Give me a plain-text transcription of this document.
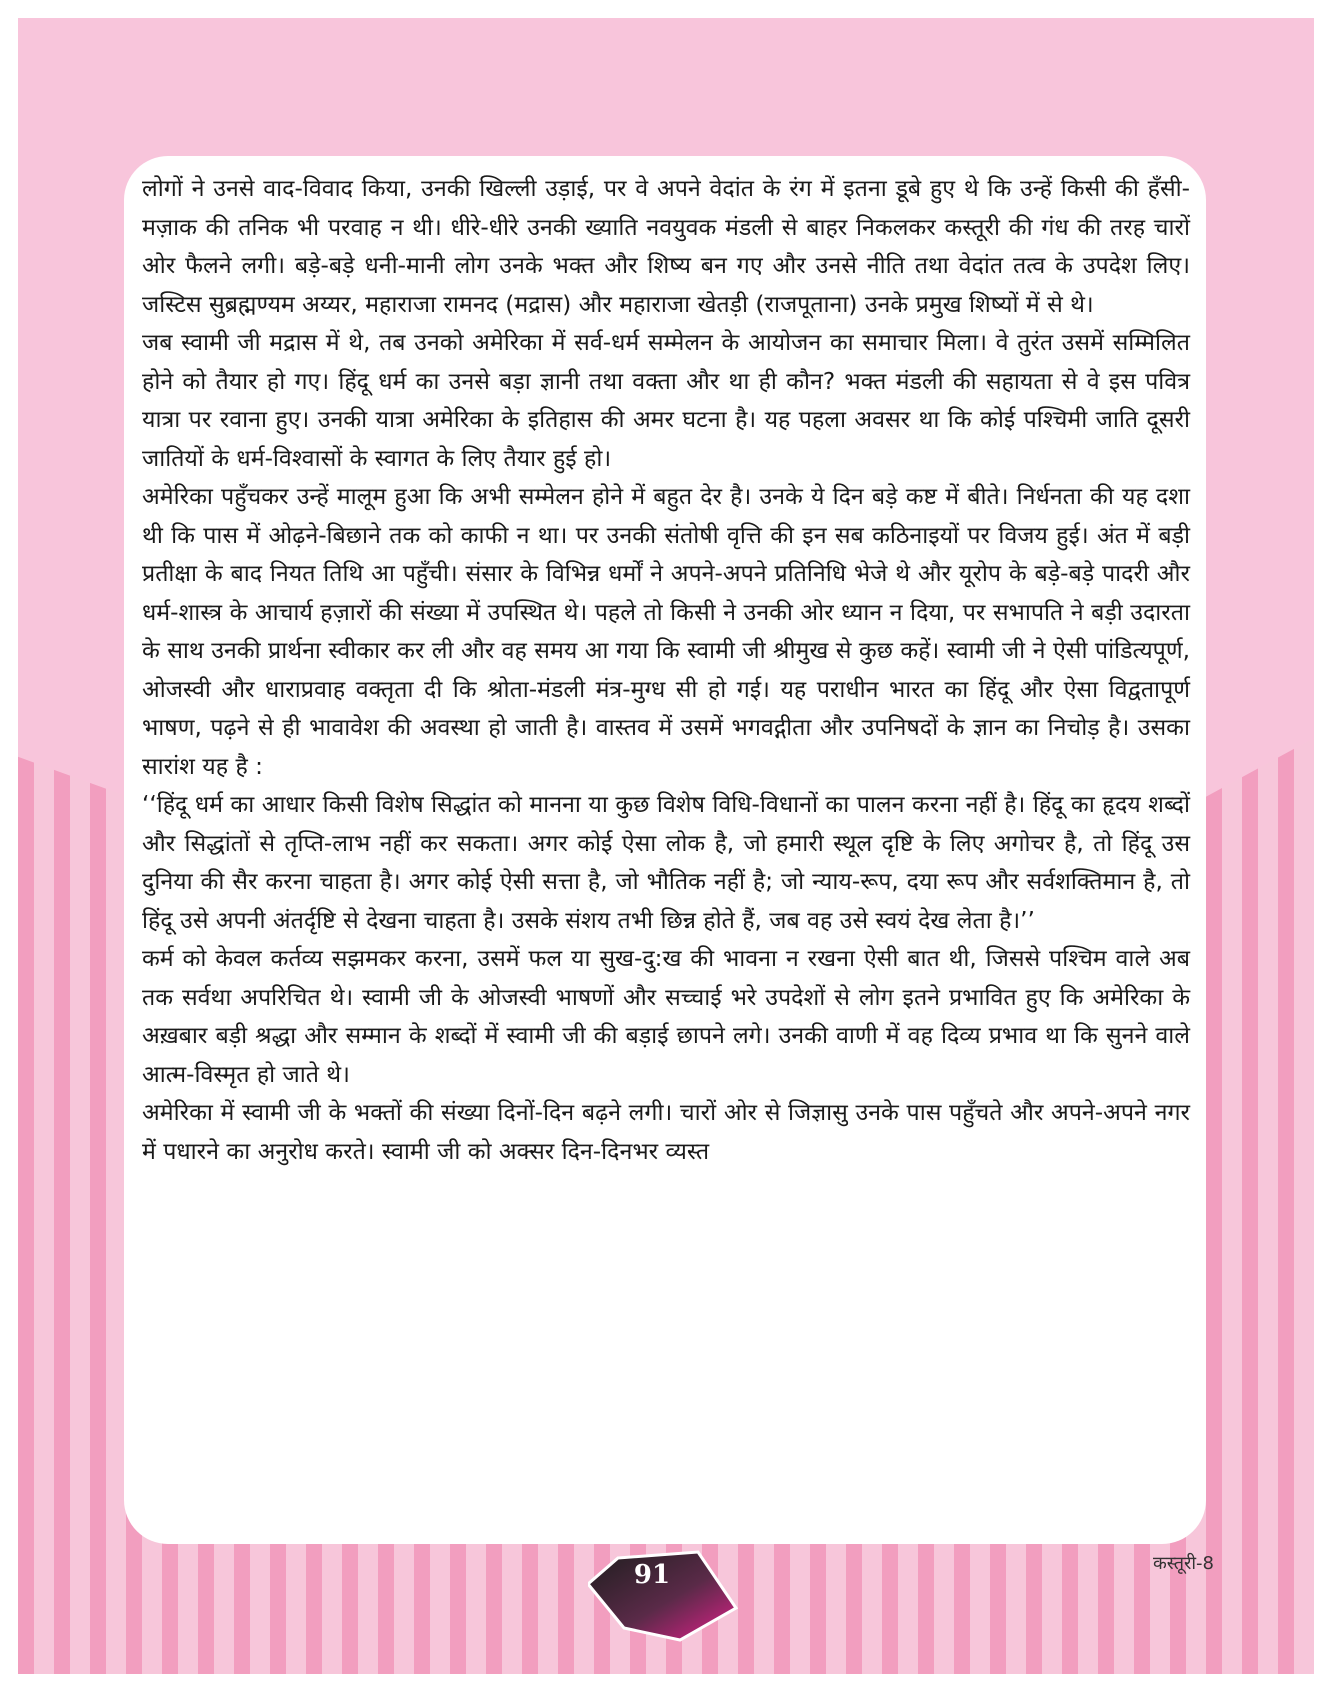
लोगों ने उनसे वाद-विवाद किया, उनकी खिल्ली उड़ाई, पर वे अपने वेदांत के रंग में इतना डूबे हुए थे कि उन्हें किसी की हँसी-मज़ाक की तनिक भी परवाह न थी। धीरे-धीरे उनकी ख्याति नवयुवक मंडली से बाहर निकलकर कस्तूरी की गंध की तरह चारों ओर फैलने लगी। बड़े-बड़े धनी-मानी लोग उनके भक्त और शिष्य बन गए और उनसे नीति तथा वेदांत तत्व के उपदेश लिए। जस्टिस सुब्रह्मण्यम अय्यर, महाराजा रामनद (मद्रास) और महाराजा खेतड़ी (राजपूताना) उनके प्रमुख शिष्यों में से थे।

जब स्वामी जी मद्रास में थे, तब उनको अमेरिका में सर्व-धर्म सम्मेलन के आयोजन का समाचार मिला। वे तुरंत उसमें सम्मिलित होने को तैयार हो गए। हिंदू धर्म का उनसे बड़ा ज्ञानी तथा वक्ता और था ही कौन? भक्त मंडली की सहायता से वे इस पवित्र यात्रा पर रवाना हुए। उनकी यात्रा अमेरिका के इतिहास की अमर घटना है। यह पहला अवसर था कि कोई पश्चिमी जाति दूसरी जातियों के धर्म-विश्वासों के स्वागत के लिए तैयार हुई हो।

अमेरिका पहुँचकर उन्हें मालूम हुआ कि अभी सम्मेलन होने में बहुत देर है। उनके ये दिन बड़े कष्ट में बीते। निर्धनता की यह दशा थी कि पास में ओढ़ने-बिछाने तक को काफी न था। पर उनकी संतोषी वृत्ति की इन सब कठिनाइयों पर विजय हुई। अंत में बड़ी प्रतीक्षा के बाद नियत तिथि आ पहुँची। संसार के विभिन्न धर्मों ने अपने-अपने प्रतिनिधि भेजे थे और यूरोप के बड़े-बड़े पादरी और धर्म-शास्त्र के आचार्य हज़ारों की संख्या में उपस्थित थे। पहले तो किसी ने उनकी ओर ध्यान न दिया, पर सभापति ने बड़ी उदारता के साथ उनकी प्रार्थना स्वीकार कर ली और वह समय आ गया कि स्वामी जी श्रीमुख से कुछ कहें। स्वामी जी ने ऐसी पांडित्यपूर्ण, ओजस्वी और धाराप्रवाह वक्तृता दी कि श्रोता-मंडली मंत्र-मुग्ध सी हो गई। यह पराधीन भारत का हिंदू और ऐसा विद्वतापूर्ण भाषण, पढ़ने से ही भावावेश की अवस्था हो जाती है। वास्तव में उसमें भगवद्गीता और उपनिषदों के ज्ञान का निचोड़ है। उसका सारांश यह है :

‘‘हिंदू धर्म का आधार किसी विशेष सिद्धांत को मानना या कुछ विशेष विधि-विधानों का पालन करना नहीं है। हिंदू का हृदय शब्दों और सिद्धांतों से तृप्ति-लाभ नहीं कर सकता। अगर कोई ऐसा लोक है, जो हमारी स्थूल दृष्टि के लिए अगोचर है, तो हिंदू उस दुनिया की सैर करना चाहता है। अगर कोई ऐसी सत्ता है, जो भौतिक नहीं है; जो न्याय-रूप, दया रूप और सर्वशक्तिमान है, तो हिंदू उसे अपनी अंतर्दृष्टि से देखना चाहता है। उसके संशय तभी छिन्न होते हैं, जब वह उसे स्वयं देख लेता है।’’

कर्म को केवल कर्तव्य सझमकर करना, उसमें फल या सुख-दु:ख की भावना न रखना ऐसी बात थी, जिससे पश्चिम वाले अब तक सर्वथा अपरिचित थे। स्वामी जी के ओजस्वी भाषणों और सच्चाई भरे उपदेशों से लोग इतने प्रभावित हुए कि अमेरिका के अख़बार बड़ी श्रद्धा और सम्मान के शब्दों में स्वामी जी की बड़ाई छापने लगे। उनकी वाणी में वह दिव्य प्रभाव था कि सुनने वाले आत्म-विस्मृत हो जाते थे।

अमेरिका में स्वामी जी के भक्तों की संख्या दिनों-दिन बढ़ने लगी। चारों ओर से जिज्ञासु उनके पास पहुँचते और अपने-अपने नगर में पधारने का अनुरोध करते। स्वामी जी को अक्सर दिन-दिनभर व्यस्त

91	कस्तूरी-8
